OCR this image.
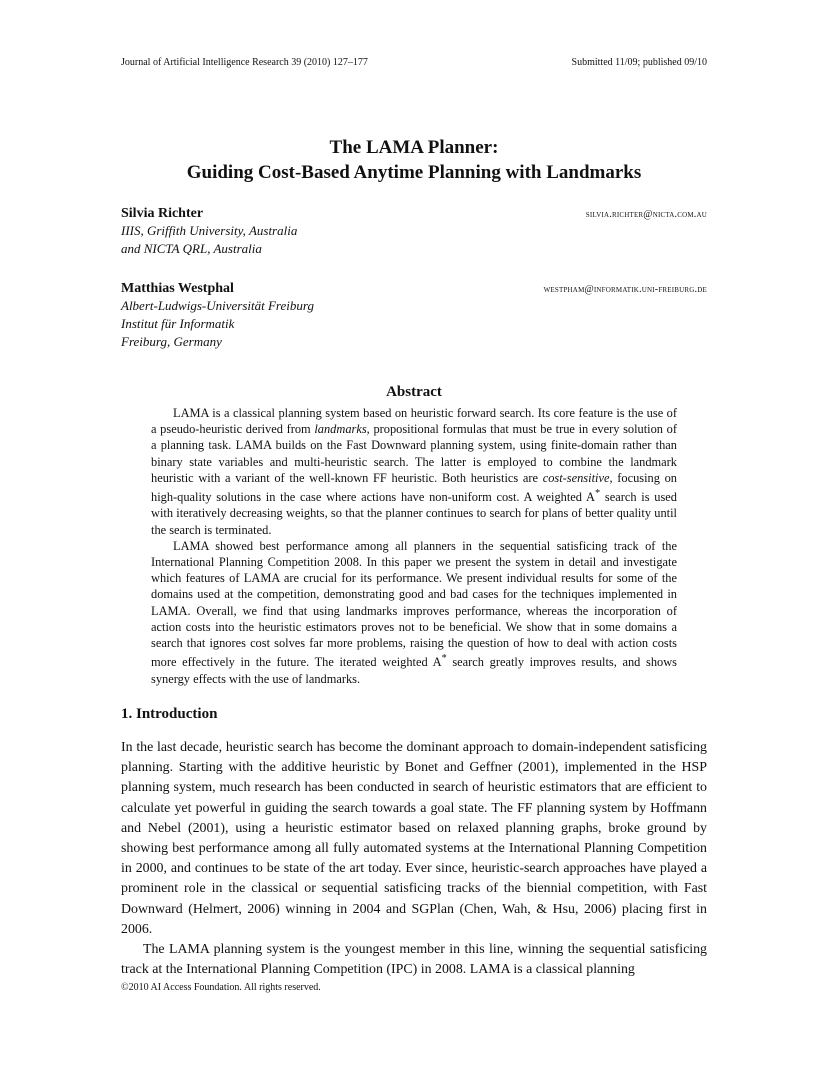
Journal of Artificial Intelligence Research 39 (2010) 127–177	Submitted 11/09; published 09/10
The LAMA Planner:
Guiding Cost-Based Anytime Planning with Landmarks
Silvia Richter	silvia.richter@nicta.com.au
IIIS, Griffith University, Australia
and NICTA QRL, Australia
Matthias Westphal	westpham@informatik.uni-freiburg.de
Albert-Ludwigs-Universität Freiburg
Institut für Informatik
Freiburg, Germany
Abstract

LAMA is a classical planning system based on heuristic forward search. Its core feature is the use of a pseudo-heuristic derived from landmarks, propositional formulas that must be true in every solution of a planning task. LAMA builds on the Fast Downward planning system, using finite-domain rather than binary state variables and multi-heuristic search. The latter is employed to combine the landmark heuristic with a variant of the well-known FF heuristic. Both heuristics are cost-sensitive, focusing on high-quality solutions in the case where actions have non-uniform cost. A weighted A* search is used with iteratively decreasing weights, so that the planner continues to search for plans of better quality until the search is terminated.

LAMA showed best performance among all planners in the sequential satisficing track of the International Planning Competition 2008. In this paper we present the system in detail and investigate which features of LAMA are crucial for its performance. We present individual results for some of the domains used at the competition, demonstrating good and bad cases for the techniques implemented in LAMA. Overall, we find that using landmarks improves performance, whereas the incorporation of action costs into the heuristic estimators proves not to be beneficial. We show that in some domains a search that ignores cost solves far more problems, raising the question of how to deal with action costs more effectively in the future. The iterated weighted A* search greatly improves results, and shows synergy effects with the use of landmarks.

1. Introduction

In the last decade, heuristic search has become the dominant approach to domain-independent satisficing planning. Starting with the additive heuristic by Bonet and Geffner (2001), implemented in the HSP planning system, much research has been conducted in search of heuristic estimators that are efficient to calculate yet powerful in guiding the search towards a goal state. The FF planning system by Hoffmann and Nebel (2001), using a heuristic estimator based on relaxed planning graphs, broke ground by showing best performance among all fully automated systems at the International Planning Competition in 2000, and continues to be state of the art today. Ever since, heuristic-search approaches have played a prominent role in the classical or sequential satisficing tracks of the biennial competition, with Fast Downward (Helmert, 2006) winning in 2004 and SGPlan (Chen, Wah, & Hsu, 2006) placing first in 2006.

The LAMA planning system is the youngest member in this line, winning the sequential satisficing track at the International Planning Competition (IPC) in 2008. LAMA is a classical planning

©2010 AI Access Foundation. All rights reserved.
